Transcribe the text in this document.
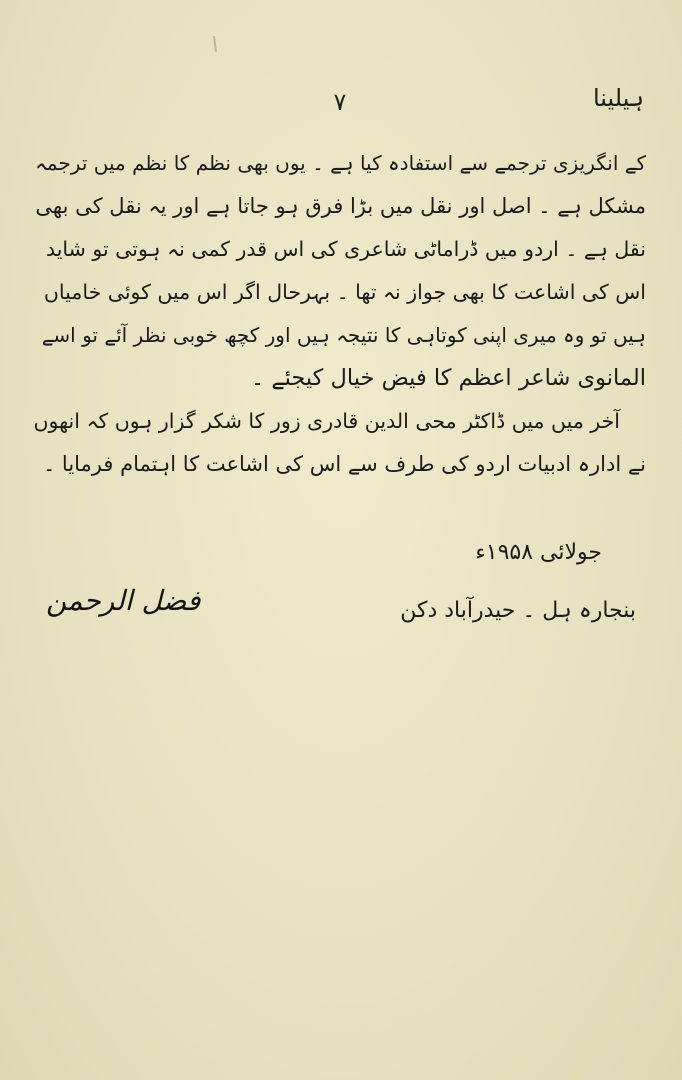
ہیلینا
۷
کے انگریزی ترجمے سے استفادہ کیا ہے ۔ یوں بھی نظم کا نظم میں ترجمہ
مشکل ہے ۔ اصل اور نقل میں بڑا فرق ہو جاتا ہے اور یہ نقل کی بھی
نقل ہے ۔ اردو میں ڈراماٹی شاعری کی اس قدر کمی نہ ہوتی تو شاید
اس کی اشاعت کا بھی جواز نہ تھا ۔ بہرحال اگر اس میں کوئی خامیاں
ہیں تو وہ میری اپنی کوتاہی کا نتیجہ ہیں اور کچھ خوبی نظر آئے تو اسے
المانوی شاعر اعظم کا فیض خیال کیجئے ۔
آخر میں میں ڈاکٹر محی الدین قادری زور کا شکر گزار ہوں کہ انھوں
نے ادارہ ادبیات اردو کی طرف سے اس کی اشاعت کا اہتمام فرمایا ۔
جولائی ۱۹۵۸ء
بنجارہ ہل ۔ حیدرآباد دکن
فضل الرحمن
